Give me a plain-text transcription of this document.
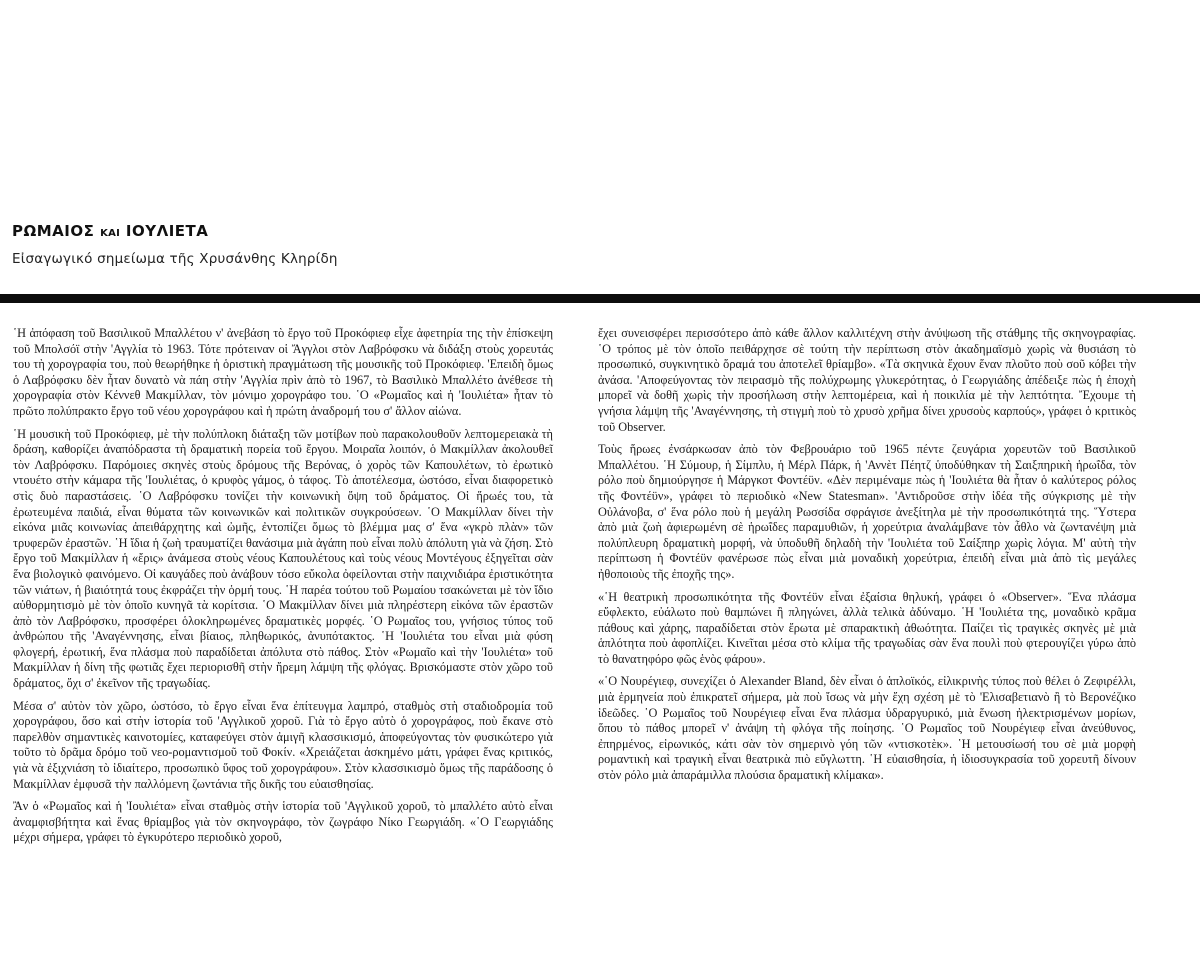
ΡΩΜΑΙΟΣ ΚΑΙ ΙΟΥΛΙΕΤΑ
Εἰσαγωγικό σημείωμα τῆς Χρυσάνθης Κληρίδη

῾Η ἀπόφαση τοῦ Βασιλικοῦ Μπαλλέτου ν' ἀνεβάση τὸ ἔργο τοῦ Προκόφιεφ εἶχε ἀφετηρία της τὴν ἐπίσκεψη τοῦ Μπολσόϊ στὴν 'Αγγλία τὸ 1963. Τότε πρότειναν οἱ Ἄγγλοι στὸν Λαβρόφσκυ νὰ διδάξη στοὺς χορευτάς του τὴ χορογραφία του, ποὺ θεωρήθηκε ἡ ὁριστικὴ πραγμάτωση τῆς μουσικῆς τοῦ Προκόφιεφ. 'Επειδὴ ὅμως ὁ Λαβρόφσκυ δὲν ἦταν δυνατὸ νὰ πάη στὴν 'Αγγλία πρὶν ἀπὸ τὸ 1967, τὸ Βασιλικὸ Μπαλλέτο ἀνέθεσε τὴ χορογραφία στὸν Κέννεθ Μακμίλλαν, τὸν μόνιμο χορογράφο του. ῾Ο «Ρωμαῖος καὶ ἡ 'Ιουλιέτα» ἦταν τὸ πρῶτο πολύπρακτο ἔργο τοῦ νέου χορογράφου καὶ ἡ πρώτη ἀναδρομή του σ' ἄλλον αἰώνα.

῾Η μουσικὴ τοῦ Προκόφιεφ, μὲ τὴν πολύπλοκη διάταξη τῶν μοτίβων ποὺ παρακολουθοῦν λεπτομερειακὰ τὴ δράση, καθορίζει ἀναπόδραστα τὴ δραματικὴ πορεία τοῦ ἔργου. Μοιραῖα λοιπόν, ὁ Μακμίλλαν ἀκολουθεῖ τὸν Λαβρόφσκυ. Παρόμοιες σκηνὲς στοὺς δρόμους τῆς Βερόνας, ὁ χορὸς τῶν Καπουλέτων, τὸ ἐρωτικὸ ντουέτο στὴν κάμαρα τῆς 'Ιουλιέτας, ὁ κρυφὸς γάμος, ὁ τάφος. Τὸ ἀποτέλεσμα, ὡστόσο, εἶναι διαφορετικὸ στὶς δυὸ παραστάσεις. ῾Ο Λαβρόφσκυ τονίζει τὴν κοινωνικὴ ὄψη τοῦ δράματος. Οἱ ἥρωές του, τὰ ἐρωτευμένα παιδιά, εἶναι θύματα τῶν κοινωνικῶν καὶ πολιτικῶν συγκρούσεων. ῾Ο Μακμίλλαν δίνει τὴν εἰκόνα μιᾶς κοινωνίας ἀπειθάρχητης καὶ ὠμῆς, ἐντοπίζει ὅμως τὸ βλέμμα μας σ' ἕνα «γκρὸ πλὰν» τῶν τρυφερῶν ἐραστῶν. ῾Η ἴδια ἡ ζωὴ τραυματίζει θανάσιμα μιὰ ἀγάπη ποὺ εἶναι πολὺ ἀπόλυτη γιὰ νὰ ζήση. Στὸ ἔργο τοῦ Μακμίλλαν ἡ «ἔρις» ἀνάμεσα στοὺς νέους Καπουλέτους καὶ τοὺς νέους Μοντέγους ἐξηγεῖται σὰν ἕνα βιολογικὸ φαινόμενο. Οἱ καυγάδες ποὺ ἀνάβουν τόσο εὔκολα ὀφείλονται στὴν παιχνιδιάρα ἐριστικότητα τῶν νιάτων, ἡ βιαιότητά τους ἐκφράζει τὴν ὁρμή τους. ῾Η παρέα τούτου τοῦ Ρωμαίου τσακώνεται μὲ τὸν ἴδιο αὐθορμητισμὸ μὲ τὸν ὁποῖο κυνηγᾶ τὰ κορίτσια. ῾Ο Μακμίλλαν δίνει μιὰ πληρέστερη εἰκόνα τῶν ἐραστῶν ἀπὸ τὸν Λαβρόφσκυ, προσφέρει ὁλοκληρωμένες δραματικὲς μορφές. ῾Ο Ρωμαῖος του, γνήσιος τύπος τοῦ ἀνθρώπου τῆς 'Αναγέννησης, εἶναι βίαιος, πληθωρικός, ἀνυπότακτος. ῾Η 'Ιουλιέτα του εἶναι μιὰ φύση φλογερή, ἐρωτική, ἕνα πλάσμα ποὺ παραδίδεται ἀπόλυτα στὸ πάθος. Στὸν «Ρωμαῖο καὶ τὴν 'Ιουλιέτα» τοῦ Μακμίλλαν ἡ δίνη τῆς φωτιᾶς ἔχει περιορισθῆ στὴν ἤρεμη λάμψη τῆς φλόγας. Βρισκόμαστε στὸν χῶρο τοῦ δράματος, ὄχι σ' ἐκεῖνον τῆς τραγωδίας.

Μέσα σ' αὐτὸν τὸν χῶρο, ὡστόσο, τὸ ἔργο εἶναι ἕνα ἐπίτευγμα λαμπρό, σταθμὸς στὴ σταδιοδρομία τοῦ χορογράφου, ὅσο καὶ στὴν ἱστορία τοῦ 'Αγγλικοῦ χοροῦ. Γιὰ τὸ ἔργο αὐτὸ ὁ χορογράφος, ποὺ ἔκανε στὸ παρελθὸν σημαντικὲς καινοτομίες, καταφεύγει στὸν ἀμιγῆ κλασσικισμό, ἀποφεύγοντας τὸν φυσικώτερο γιὰ τοῦτο τὸ δρᾶμα δρόμο τοῦ νεο-ρομαντισμοῦ τοῦ Φοκίν. «Χρειάζεται ἀσκημένο μάτι, γράφει ἕνας κριτικός, γιὰ νὰ ἐξιχνιάση τὸ ἰδιαίτερο, προσωπικὸ ὕφος τοῦ χορογράφου». Στὸν κλασσικισμὸ ὅμως τῆς παράδοσης ὁ Μακμίλλαν ἐμφυσᾶ τὴν παλλόμενη ζωντάνια τῆς δικῆς του εὐαισθησίας.

Ἂν ὁ «Ρωμαῖος καὶ ἡ 'Ιουλιέτα» εἶναι σταθμὸς στὴν ἱστορία τοῦ 'Αγγλικοῦ χοροῦ, τὸ μπαλλέτο αὐτὸ εἶναι ἀναμφισβήτητα καὶ ἕνας θρίαμβος γιὰ τὸν σκηνογράφο, τὸν ζωγράφο Νίκο Γεωργιάδη. «῾Ο Γεωργιάδης μέχρι σήμερα, γράφει τὸ ἐγκυρότερο περιοδικὸ χοροῦ,

ἔχει συνεισφέρει περισσότερο ἀπὸ κάθε ἄλλον καλλιτέχνη στὴν ἀνύψωση τῆς στάθμης τῆς σκηνογραφίας. ῾Ο τρόπος μὲ τὸν ὁποῖο πειθάρχησε σὲ τούτη τὴν περίπτωση στὸν ἀκαδημαϊσμὸ χωρὶς νὰ θυσιάση τὸ προσωπικό, συγκινητικὸ ὅραμά του ἀποτελεῖ θρίαμβο». «Τὰ σκηνικὰ ἔχουν ἕναν πλοῦτο ποὺ σοῦ κόβει τὴν ἀνάσα. 'Αποφεύγοντας τὸν πειρασμὸ τῆς πολύχρωμης γλυκερότητας, ὁ Γεωργιάδης ἀπέδειξε πὼς ἡ ἐποχὴ μπορεῖ νὰ δοθῆ χωρὶς τὴν προσήλωση στὴν λεπτομέρεια, καὶ ἡ ποικιλία μὲ τὴν λεπτότητα. Ἔχουμε τὴ γνήσια λάμψη τῆς 'Αναγέννησης, τὴ στιγμὴ ποὺ τὸ χρυσὸ χρῆμα δίνει χρυσοὺς καρπούς», γράφει ὁ κριτικὸς τοῦ Observer.

Τοὺς ἥρωες ἐνσάρκωσαν ἀπὸ τὸν Φεβρουάριο τοῦ 1965 πέντε ζευγάρια χορευτῶν τοῦ Βασιλικοῦ Μπαλλέτου. ῾Η Σύμουρ, ἡ Σίμπλυ, ἡ Μέρλ Πάρκ, ἡ 'Αννὲτ Πέητζ ὑποδύθηκαν τὴ Σαιξπηρικὴ ἡρωΐδα, τὸν ρόλο ποὺ δημιούργησε ἡ Μάργκοτ Φοντέϋν. «Δὲν περιμέναμε πὼς ἡ 'Ιουλιέτα θὰ ἦταν ὁ καλύτερος ρόλος τῆς Φοντέϋν», γράφει τὸ περιοδικὸ «New Statesman». 'Αντιδροῦσε στὴν ἰδέα τῆς σύγκρισης μὲ τὴν Οὐλάνοβα, σ' ἕνα ρόλο ποὺ ἡ μεγάλη Ρωσσίδα σφράγισε ἀνεξίτηλα μὲ τὴν προσωπικότητά της. Ὕστερα ἀπὸ μιὰ ζωὴ ἀφιερωμένη σὲ ἡρωΐδες παραμυθιῶν, ἡ χορεύτρια ἀναλάμβανε τὸν ἆθλο νὰ ζωντανέψη μιὰ πολύπλευρη δραματικὴ μορφή, νὰ ὑποδυθῆ δηλαδὴ τὴν 'Ιουλιέτα τοῦ Σαίξπηρ χωρὶς λόγια. Μ' αὐτὴ τὴν περίπτωση ἡ Φοντέϋν φανέρωσε πὼς εἶναι μιὰ μοναδικὴ χορεύτρια, ἐπειδὴ εἶναι μιὰ ἀπὸ τὶς μεγάλες ἠθοποιοὺς τῆς ἐποχῆς της».

«῾Η θεατρικὴ προσωπικότητα τῆς Φοντέϋν εἶναι ἐξαίσια θηλυκή, γράφει ὁ «Observer». Ἕνα πλάσμα εὔφλεκτο, εὐάλωτο ποὺ θαμπώνει ἢ πληγώνει, ἀλλὰ τελικὰ ἀδύναμο. ῾Η 'Ιουλιέτα της, μοναδικὸ κρᾶμα πάθους καὶ χάρης, παραδίδεται στὸν ἔρωτα μὲ σπαρακτικὴ ἀθωότητα. Παίζει τὶς τραγικὲς σκηνὲς μὲ μιὰ ἁπλότητα ποὺ ἀφοπλίζει. Κινεῖται μέσα στὸ κλίμα τῆς τραγωδίας σὰν ἕνα πουλὶ ποὺ φτερουγίζει γύρω ἀπὸ τὸ θανατηφόρο φῶς ἑνὸς φάρου».

«῾Ο Νουρέγιεφ, συνεχίζει ὁ Alexander Bland, δὲν εἶναι ὁ ἁπλοϊκός, εἰλικρινὴς τύπος ποὺ θέλει ὁ Ζεφιρέλλι, μιὰ ἑρμηνεία ποὺ ἐπικρατεῖ σήμερα, μὰ ποὺ ἴσως νὰ μὴν ἔχη σχέση μὲ τὸ 'Ελισαβετιανὸ ἢ τὸ Βερονέζικο ἰδεῶδες. ῾Ο Ρωμαῖος τοῦ Νουρέγιεφ εἶναι ἕνα πλάσμα ὑδραργυρικό, μιὰ ἕνωση ἠλεκτρισμένων μορίων, ὅπου τὸ πάθος μπορεῖ ν' ἀνάψη τὴ φλόγα τῆς ποίησης. ῾Ο Ρωμαῖος τοῦ Νουρέγιεφ εἶναι ἀνεύθυνος, ἐπηρμένος, εἰρωνικός, κάτι σὰν τὸν σημερινὸ γόη τῶν «ντισκοτὲκ». ῾Η μετουσίωσή του σὲ μιὰ μορφὴ ρομαντικὴ καὶ τραγικὴ εἶναι θεατρικὰ πιὸ εὔγλωττη. ῾Η εὐαισθησία, ἡ ἰδιοσυγκρασία τοῦ χορευτῆ δίνουν στὸν ρόλο μιὰ ἀπαράμιλλα πλούσια δραματικὴ κλίμακα».
